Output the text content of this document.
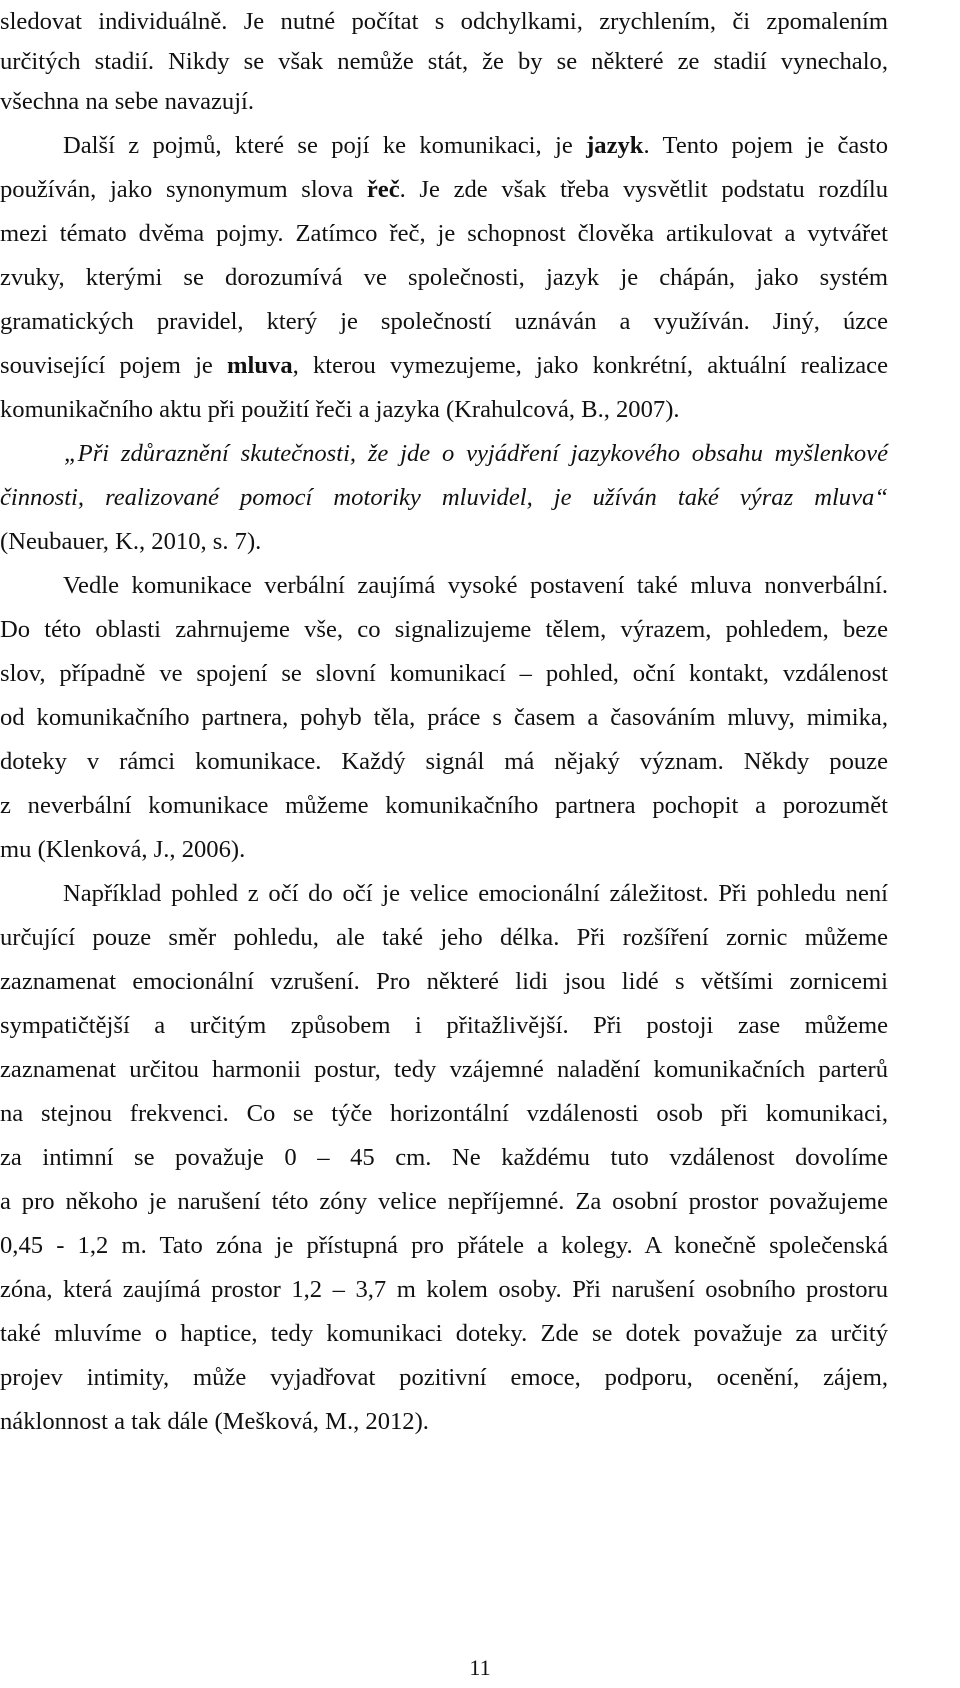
sledovat individuálně. Je nutné počítat s odchylkami, zrychlením, či zpomalením
určitých stadií. Nikdy se však nemůže stát, že by se některé ze stadií vynechalo,
všechna na sebe navazují.
Další z pojmů, které se pojí ke komunikaci, je jazyk. Tento pojem je často
používán, jako synonymum slova řeč. Je zde však třeba vysvětlit podstatu rozdílu
mezi témato dvěma pojmy. Zatímco řeč, je schopnost člověka artikulovat a vytvářet
zvuky, kterými se dorozumívá ve společnosti, jazyk je chápán, jako systém
gramatických pravidel, který je společností uznáván a využíván. Jiný, úzce
související pojem je mluva, kterou vymezujeme, jako konkrétní, aktuální realizace
komunikačního aktu při použití řeči a jazyka (Krahulcová, B., 2007).
„Při zdůraznění skutečnosti, že jde o vyjádření jazykového obsahu myšlenkové
činnosti, realizované pomocí motoriky mluvidel, je užíván také výraz mluva“
(Neubauer, K., 2010, s. 7).
Vedle komunikace verbální zaujímá vysoké postavení také mluva nonverbální.
Do této oblasti zahrnujeme vše, co signalizujeme tělem, výrazem, pohledem, beze
slov, případně ve spojení se slovní komunikací – pohled, oční kontakt, vzdálenost
od komunikačního partnera, pohyb těla, práce s časem a časováním mluvy, mimika,
doteky v rámci komunikace. Každý signál má nějaký význam. Někdy pouze
z neverbální komunikace můžeme komunikačního partnera pochopit a porozumět
mu (Klenková, J., 2006).
Například pohled z očí do očí je velice emocionální záležitost. Při pohledu není
určující pouze směr pohledu, ale také jeho délka. Při rozšíření zornic můžeme
zaznamenat emocionální vzrušení. Pro některé lidi jsou lidé s většími zornicemi
sympatičtější a určitým způsobem i přitažlivější. Při postoji zase můžeme
zaznamenat určitou harmonii postur, tedy vzájemné naladění komunikačních parterů
na stejnou frekvenci. Co se týče horizontální vzdálenosti osob při komunikaci,
za intimní se považuje 0 – 45 cm. Ne každému tuto vzdálenost dovolíme
a pro někoho je narušení této zóny velice nepříjemné. Za osobní prostor považujeme
0,45 - 1,2 m. Tato zóna je přístupná pro přátele a kolegy. A konečně společenská
zóna, která zaujímá prostor 1,2 – 3,7 m kolem osoby. Při narušení osobního prostoru
také mluvíme o haptice, tedy komunikaci doteky. Zde se dotek považuje za určitý
projev intimity, může vyjadřovat pozitivní emoce, podporu, ocenění, zájem,
náklonnost a tak dále (Mešková, M., 2012).
11
